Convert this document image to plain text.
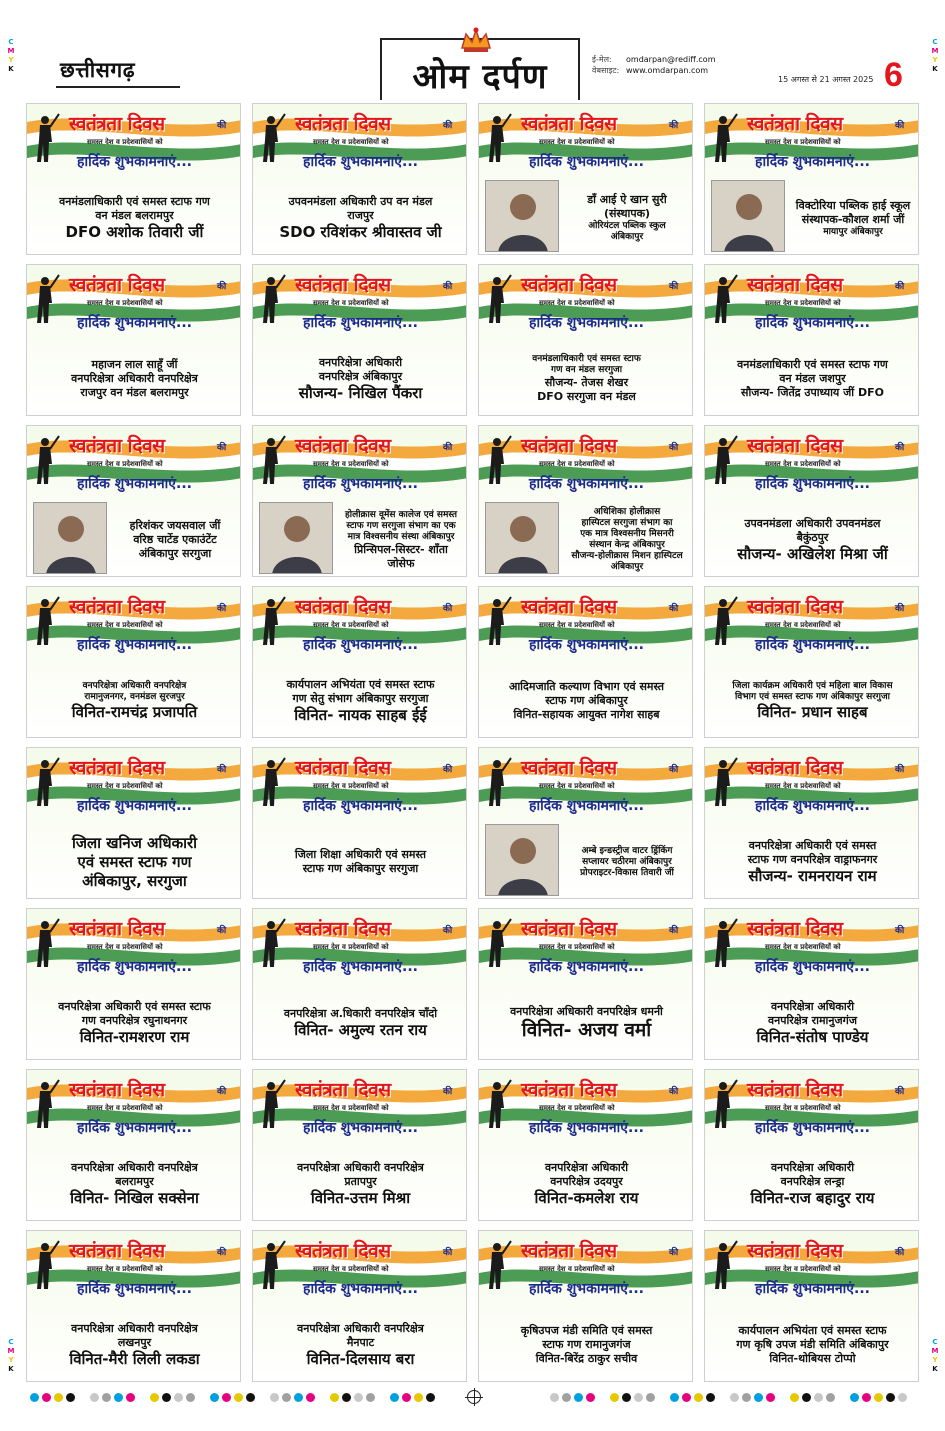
C
M
Y
K
C
M
Y
K
C
M
Y
K
C
M
Y
K
छत्तीसगढ़	ओम दर्पण	ई-मेल: omdarpan@rediff.com
वेबसाइट: www.omdarpan.com
15 अगस्त से 21 अगस्त 2025 6
स्वतंत्रता दिवस	की
समस्त देश व प्रदेशवासियों को
हार्दिक शुभकामनाएं...
वनमंडलाधिकारी एवं समस्त स्टाफ गण
वन मंडल बलरामपुर
DFO अशोक तिवारी जीं
स्वतंत्रता दिवस	की
समस्त देश व प्रदेशवासियों को
हार्दिक शुभकामनाएं...
उपवनमंडला अधिकारी उप वन मंडल
राजपुर
SDO रविशंकर श्रीवास्तव जी
स्वतंत्रता दिवस	की
समस्त देश व प्रदेशवासियों को
हार्दिक शुभकामनाएं...
डाँ आई ऐ खान सुरी
(संस्थापक)
ओरियंटल पब्लिक स्कुल
अंबिकापुर
स्वतंत्रता दिवस	की
समस्त देश व प्रदेशवासियों को
हार्दिक शुभकामनाएं...
विक्टोरिया पब्लिक हाई स्कूल
संस्थापक-कौशल शर्मा जीं
मायापुर अंबिकापुर
स्वतंत्रता दिवस	की
समस्त देश व प्रदेशवासियों को
हार्दिक शुभकामनाएं...
महाजन लाल साहूँ जीं
वनपरिक्षेत्रा अधिकारी वनपरिक्षेत्र
राजपुर वन मंडल बलरामपुर
स्वतंत्रता दिवस	की
समस्त देश व प्रदेशवासियों को
हार्दिक शुभकामनाएं...
वनपरिक्षेत्रा अधिकारी
वनपरिक्षेत्र अंबिकापुर
सौजन्य- निखिल पैंकरा
स्वतंत्रता दिवस	की
समस्त देश व प्रदेशवासियों को
हार्दिक शुभकामनाएं...
वनमंडलाधिकारी एवं समस्त स्टाफ
गण वन मंडल सरगुजा
सौजन्य- तेजस शेखर
DFO सरगुजा वन मंडल
स्वतंत्रता दिवस	की
समस्त देश व प्रदेशवासियों को
हार्दिक शुभकामनाएं...
वनमंडलाधिकारी एवं समस्त स्टाफ गण
वन मंडल जशपुर
सौजन्य- जितेंद्र उपाध्याय जीं DFO
स्वतंत्रता दिवस	की
समस्त देश व प्रदेशवासियों को
हार्दिक शुभकामनाएं...
हरिशंकर जयसवाल जीं
वरिष्ठ चार्टेड एकाउंटेंट
अंबिकापुर सरगुजा
स्वतंत्रता दिवस	की
समस्त देश व प्रदेशवासियों को
हार्दिक शुभकामनाएं...
होलीक्रास वूमेंस कालेज एवं समस्त
स्टाफ गण सरगुजा संभाग का एक
मात्र विश्वसनीय संस्था अंबिकापुर
प्रिन्सिपल-सिस्टर- शाँता जोसेफ
स्वतंत्रता दिवस	की
समस्त देश व प्रदेशवासियों को
हार्दिक शुभकामनाएं...
अधिशिका होलीक्रास
हास्पिटल सरगुजा संभाग का
एक मात्र विश्वसनीय मिसनरी
संस्थान केन्द्र अंबिकापुर
सौजन्य-होलीक्रास मिशन हास्पिटल अंबिकापुर
स्वतंत्रता दिवस	की
समस्त देश व प्रदेशवासियों को
हार्दिक शुभकामनाएं...
उपवनमंडला अधिकारी उपवनमंडल
बैकुंठपुर
सौजन्य- अखिलेश मिश्रा जीं
स्वतंत्रता दिवस	की
समस्त देश व प्रदेशवासियों को
हार्दिक शुभकामनाएं...
वनपरिक्षेत्रा अधिकारी वनपरिक्षेत्र
रामानुजनगर, वनमंडल सुरजपुर
विनित-रामचंद्र प्रजापति
स्वतंत्रता दिवस	की
समस्त देश व प्रदेशवासियों को
हार्दिक शुभकामनाएं...
कार्यपालन अभियंता एवं समस्त स्टाफ
गण सेतु संभाग अंबिकापुर सरगुजा
विनित- नायक साहब ईई
स्वतंत्रता दिवस	की
समस्त देश व प्रदेशवासियों को
हार्दिक शुभकामनाएं...
आदिमजाति कल्याण विभाग एवं समस्त
स्टाफ गण अंबिकापुर
विनित-सहायक आयुक्त नागेश साहब
स्वतंत्रता दिवस	की
समस्त देश व प्रदेशवासियों को
हार्दिक शुभकामनाएं...
जिला कार्यक्रम अधिकारी एवं महिला बाल विकास
विभाग एवं समस्त स्टाफ गण अंबिकापुर सरगुजा
विनित- प्रधान साहब
स्वतंत्रता दिवस	की
समस्त देश व प्रदेशवासियों को
हार्दिक शुभकामनाएं...
जिला खनिज अधिकारी
एवं समस्त स्टाफ गण
अंबिकापुर, सरगुजा
स्वतंत्रता दिवस	की
समस्त देश व प्रदेशवासियों को
हार्दिक शुभकामनाएं...
जिला शिक्षा अधिकारी एवं समस्त
स्टाफ गण अंबिकापुर सरगुजा
स्वतंत्रता दिवस	की
समस्त देश व प्रदेशवासियों को
हार्दिक शुभकामनाएं...
अम्बे इन्डस्ट्रीज वाटर ड्रिंकिंग
सप्लायर चठीरमा अंबिकापुर
प्रोपराइटर-विकास तिवारी जीं
स्वतंत्रता दिवस	की
समस्त देश व प्रदेशवासियों को
हार्दिक शुभकामनाएं...
वनपरिक्षेत्रा अधिकारी एवं समस्त
स्टाफ गण वनपरिक्षेत्र वाड्राफनगर
सौजन्य- रामनरायन राम
स्वतंत्रता दिवस	की
समस्त देश व प्रदेशवासियों को
हार्दिक शुभकामनाएं...
वनपरिक्षेत्रा अधिकारी एवं समस्त स्टाफ
गण वनपरिक्षेत्र रघुनाथनगर
विनित-रामशरण राम
स्वतंत्रता दिवस	की
समस्त देश व प्रदेशवासियों को
हार्दिक शुभकामनाएं...
वनपरिक्षेत्रा अ.धिकारी वनपरिक्षेत्र चाँदो
विनित- अमुल्य रतन राय
स्वतंत्रता दिवस	की
समस्त देश व प्रदेशवासियों को
हार्दिक शुभकामनाएं...
वनपरिक्षेत्रा अधिकारी वनपरिक्षेत्र धमनी
विनित- अजय वर्मा
स्वतंत्रता दिवस	की
समस्त देश व प्रदेशवासियों को
हार्दिक शुभकामनाएं...
वनपरिक्षेत्रा अधिकारी
वनपरिक्षेत्र रामानुजगंज
विनित-संतोष पाण्डेय
स्वतंत्रता दिवस	की
समस्त देश व प्रदेशवासियों को
हार्दिक शुभकामनाएं...
वनपरिक्षेत्रा अधिकारी वनपरिक्षेत्र
बलरामपुर
विनित- निखिल सक्सेना
स्वतंत्रता दिवस	की
समस्त देश व प्रदेशवासियों को
हार्दिक शुभकामनाएं...
वनपरिक्षेत्रा अधिकारी वनपरिक्षेत्र
प्रतापपुर
विनित-उत्तम मिश्रा
स्वतंत्रता दिवस	की
समस्त देश व प्रदेशवासियों को
हार्दिक शुभकामनाएं...
वनपरिक्षेत्रा अधिकारी
वनपरिक्षेत्र उदयपुर
विनित-कमलेश राय
स्वतंत्रता दिवस	की
समस्त देश व प्रदेशवासियों को
हार्दिक शुभकामनाएं...
वनपरिक्षेत्रा अधिकारी
वनपरिक्षेत्र लन्ड्रा
विनित-राज बहादुर राय
स्वतंत्रता दिवस	की
समस्त देश व प्रदेशवासियों को
हार्दिक शुभकामनाएं...
वनपरिक्षेत्रा अधिकारी वनपरिक्षेत्र
लखनपुर
विनित-मैरी लिली लकडा
स्वतंत्रता दिवस	की
समस्त देश व प्रदेशवासियों को
हार्दिक शुभकामनाएं...
वनपरिक्षेत्रा अधिकारी वनपरिक्षेत्र
मैनपाट
विनित-दिलसाय बरा
स्वतंत्रता दिवस	की
समस्त देश व प्रदेशवासियों को
हार्दिक शुभकामनाएं...
कृषिउपज मंडी समिति एवं समस्त
स्टाफ गण रामानुजगंज
विनित-बिरेंद्र ठाकुर सचीव
स्वतंत्रता दिवस	की
समस्त देश व प्रदेशवासियों को
हार्दिक शुभकामनाएं...
कार्यपालन अभियंता एवं समस्त स्टाफ
गण कृषि उपज मंडी समिति अंबिकापुर
विनित-थोबियस टोप्पो
